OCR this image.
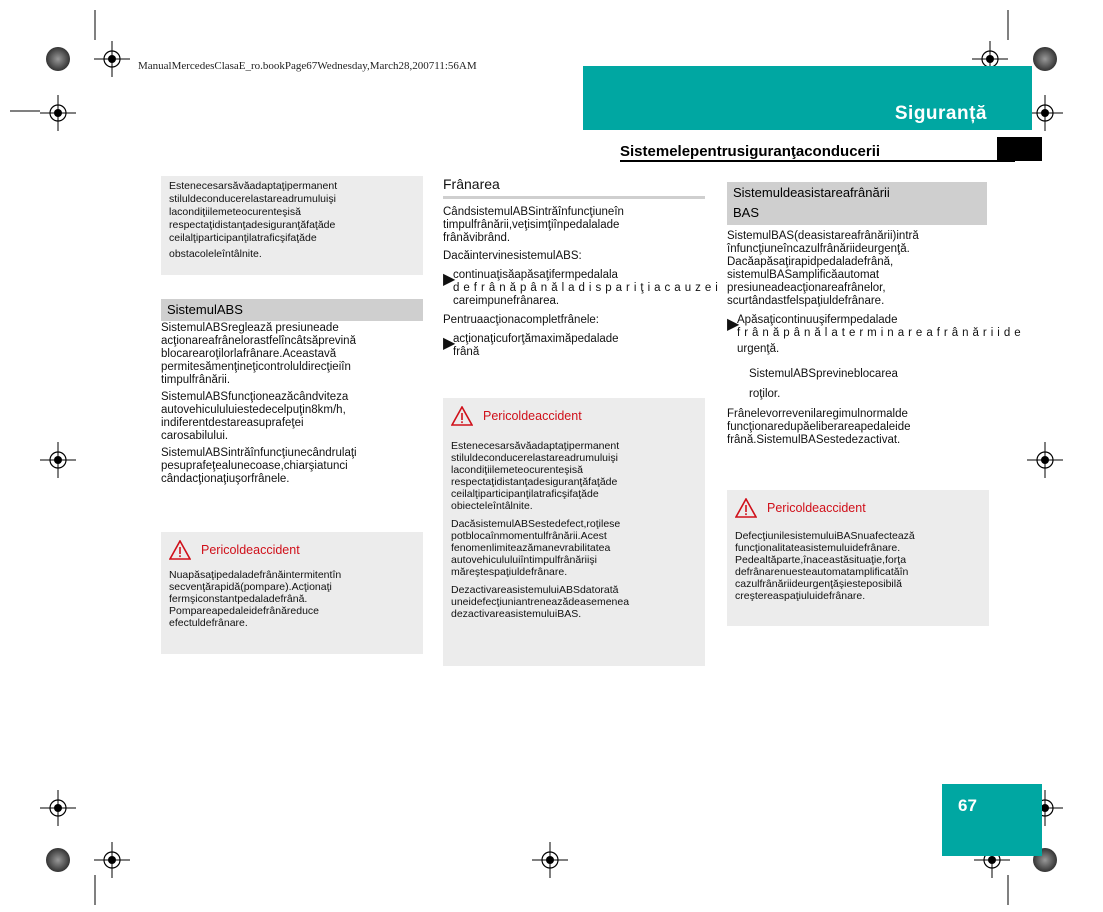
ManualMercedesClasaE_ro.bookPage67Wednesday,March28,200711:56AM
Siguranță
Sistemelepentrusiguranţaconducerii
Estenecesarsăvăadaptaţipermanent
stiluldeconducerelastareadrumuluişi
lacondiţiilemeteocurenteşisă
respectaţidistanţadesiguranţăfaţăde
ceilalţiparticipanţilatraficşifaţăde
obstacoleleîntâlnite.
SistemulABS
SistemulABSreglează presiuneade
acţionareafrânelorastfelîncâtsăprevină
blocarearoţilorlafrânare.Aceastavă
permitesămenţineţicontroluldirecţieiîn
timpulfrânării.
SistemulABSfuncţioneazăcândviteza
autovehicululuiestedecelpuţin8km/h,
indiferentdestareasuprafeţei
carosabilului.
SistemulABSintrăînfuncţiunecândrulaţi
pesuprafeţealunecoase,chiarşiatunci
cândacţionaţiuşorfrânele.
Pericoldeaccident
Nuapăsaţipedaladefrânăintermitentîn
secvenţărapidă(pompare).Acţionaţi
fermşiconstantpedaladefrână.
Pompareapedaleidefrânăreduce
efectuldefrânare.
Frânarea
CândsistemulABSintrăînfuncţiuneîn
timpulfrânării,veţisimţiînpedalalade
frânăvibrând.
DacăintervinesistemulABS:
▶
continuaţisăapăsaţifermpedalala
defrânăpânăladispariţiacauzei
careimpunefrânarea.
Pentruaacţionacompletfrânele:
▶
acţionaţicuforţămaximăpedalade
frână
Pericoldeaccident
Estenecesarsăvăadaptaţipermanent
stiluldeconducerelastareadrumuluişi
lacondiţiilemeteocurenteşisă
respectaţidistanţadesiguranţăfaţăde
ceilalţiparticipanţilatraficşifaţăde
obiecteleîntâlnite.
DacăsistemulABSestedefect,roţilese
potblocaînmomentulfrânării.Acest
fenomenlimiteazămanevrabilitatea
autovehicululuiîntimpulfrânăriişi
măreştespaţiuldefrânare.
DezactivareasistemuluiABSdatorată
uneidefecţiuniantreneazădeasemenea
dezactivareasistemuluiBAS.
Sistemuldeasistareafrânării
BAS
SistemulBAS(deasistareafrânării)intră
înfuncţiuneîncazulfrânăriideurgenţă.
Dacăapăsaţirapidpedaladefrână,
sistemulBASamplificăautomat
presiuneadeacţionareafrânelor,
scurtândastfelspaţiuldefrânare.
▶
Apăsaţicontinuuşifermpedalade
frânăpânălaterminareafrânăriide
urgenţă.
SistemulABSprevineblocarea
roţilor.
Frânelevorrevenilaregimulnormalde
funcţionaredupăeliberareapedaleide
frână.SistemulBASestedezactivat.
Pericoldeaccident
DefecţiunilesistemuluiBASnuafectează
funcţionalitateasistemuluidefrânare.
Pedealtăparte,înaceastăsituaţie,forţa
defrânarenuesteautomatamplificatăîn
cazulfrânăriideurgenţăşiesteposibilă
creştereaspaţiuluidefrânare.
67
